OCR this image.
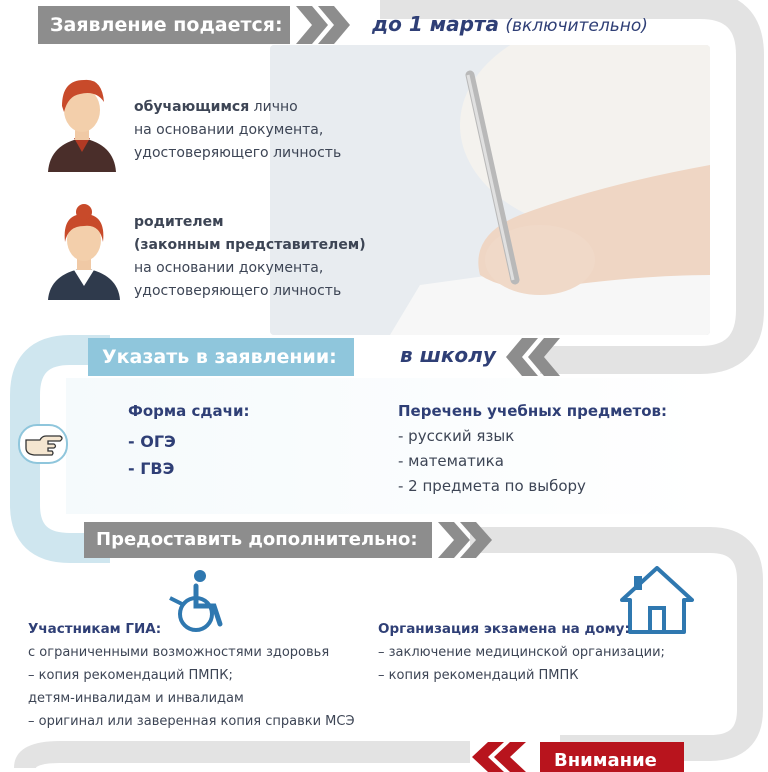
Заявление подается:	до 1 марта (включительно)
обучающимся лично
на основании документа,
удостоверяющего личность
родителем
(законным представителем)
на основании документа,
удостоверяющего личность
Указать в заявлении:	в школу
Форма сдачи:
- ОГЭ
- ГВЭ
Перечень учебных предметов:
- русский язык
- математика
- 2 предмета по выбору
Предоставить дополнительно:
Участникам ГИА:
с ограниченными возможностями здоровья
– копия рекомендаций ПМПК;
детям-инвалидам и инвалидам
– оригинал или заверенная копия справки МСЭ
Организация экзамена на дому:
– заключение медицинской организации;
– копия рекомендаций ПМПК
Внимание
